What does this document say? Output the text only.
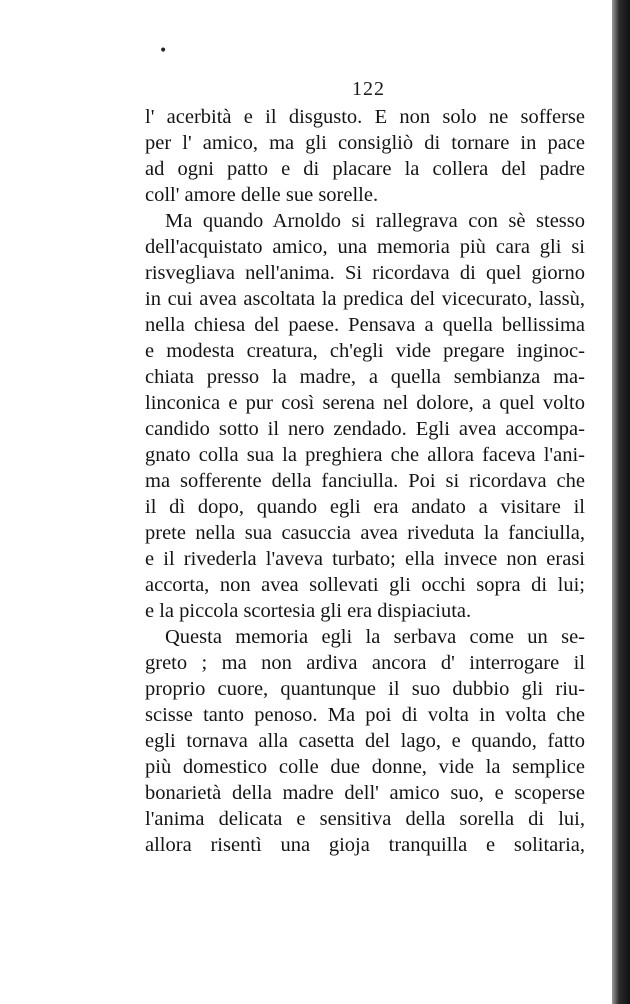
•
122
l' acerbità e il disgusto. E non solo ne sofferse
per l' amico, ma gli consigliò di tornare in pace
ad ogni patto e di placare la collera del padre
coll' amore delle sue sorelle.
Ma quando Arnoldo si rallegrava con sè stesso
dell'acquistato amico, una memoria più cara gli si
risvegliava nell'anima. Si ricordava di quel giorno
in cui avea ascoltata la predica del vicecurato, lassù,
nella chiesa del paese. Pensava a quella bellissima
e modesta creatura, ch'egli vide pregare inginoc-
chiata presso la madre, a quella sembianza ma-
linconica e pur così serena nel dolore, a quel volto
candido sotto il nero zendado. Egli avea accompa-
gnato colla sua la preghiera che allora faceva l'ani-
ma sofferente della fanciulla. Poi si ricordava che
il dì dopo, quando egli era andato a visitare il
prete nella sua casuccia avea riveduta la fanciulla,
e il rivederla l'aveva turbato; ella invece non erasi
accorta, non avea sollevati gli occhi sopra di lui;
e la piccola scortesia gli era dispiaciuta.
Questa memoria egli la serbava come un se-
greto ; ma non ardiva ancora d' interrogare il
proprio cuore, quantunque il suo dubbio gli riu-
scisse tanto penoso. Ma poi di volta in volta che
egli tornava alla casetta del lago, e quando, fatto
più domestico colle due donne, vide la semplice
bonarietà della madre dell' amico suo, e scoperse
l'anima delicata e sensitiva della sorella di lui,
allora risentì una gioja tranquilla e solitaria,
